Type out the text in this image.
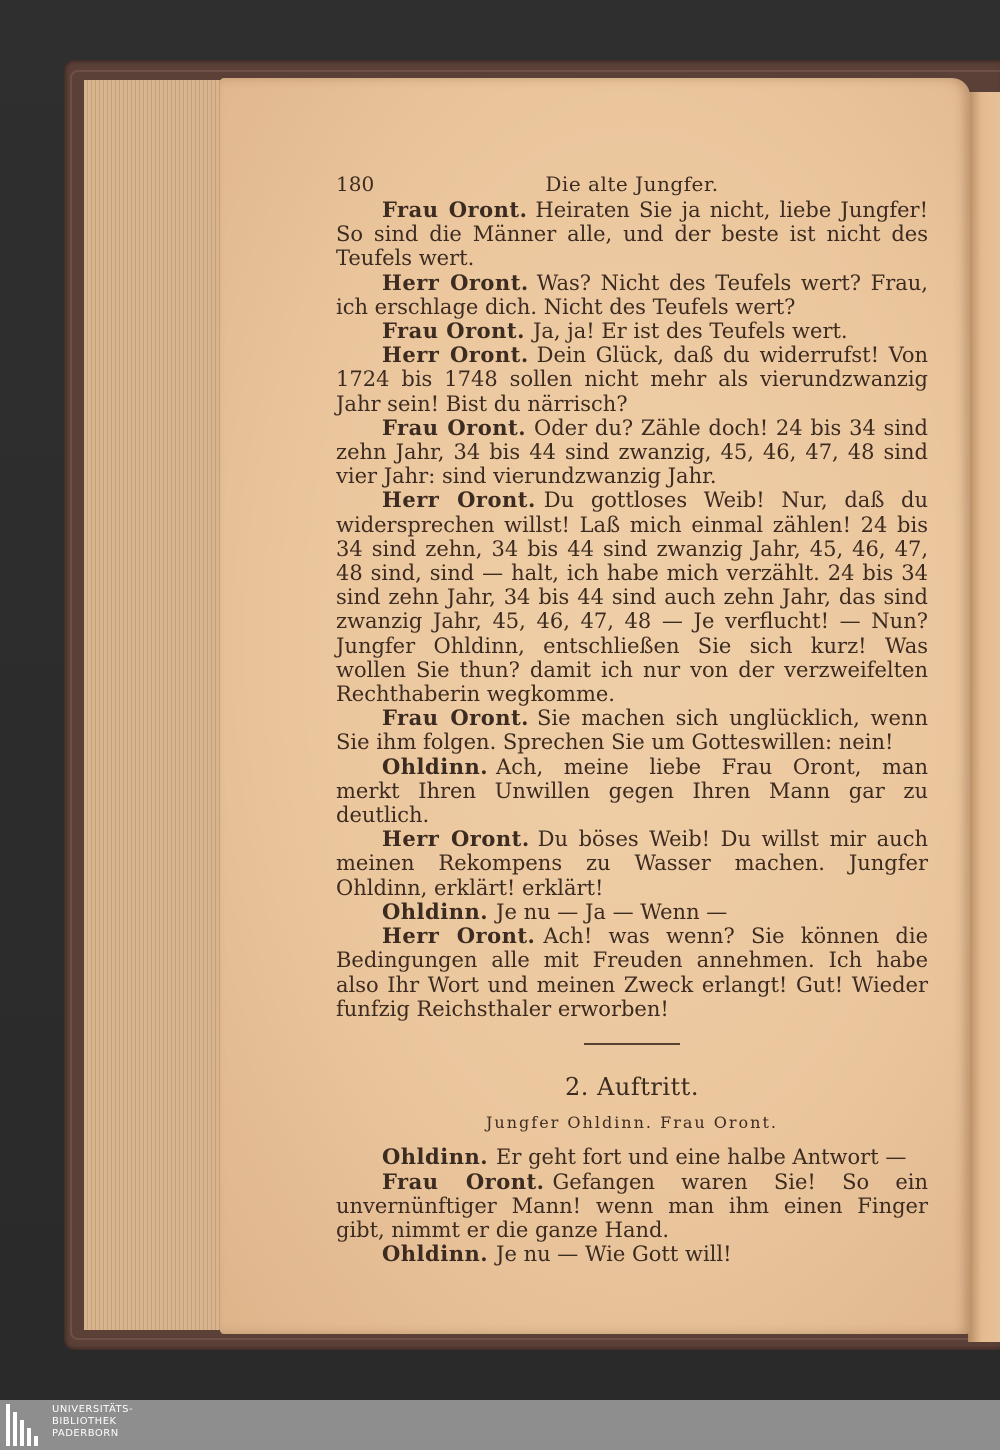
180	Die alte Jungfer.

Frau Oront. Heiraten Sie ja nicht, liebe Jungfer! So sind die Männer alle, und der beste ist nicht des Teufels wert.

Herr Oront. Was? Nicht des Teufels wert? Frau, ich erschlage dich. Nicht des Teufels wert?

Frau Oront. Ja, ja! Er ist des Teufels wert.

Herr Oront. Dein Glück, daß du widerrufst! Von 1724 bis 1748 sollen nicht mehr als vierundzwanzig Jahr sein! Bist du närrisch?

Frau Oront. Oder du? Zähle doch! 24 bis 34 sind zehn Jahr, 34 bis 44 sind zwanzig, 45, 46, 47, 48 sind vier Jahr: sind vierundzwanzig Jahr.

Herr Oront. Du gottloses Weib! Nur, daß du widersprechen willst! Laß mich einmal zählen! 24 bis 34 sind zehn, 34 bis 44 sind zwanzig Jahr, 45, 46, 47, 48 sind, sind — halt, ich habe mich verzählt. 24 bis 34 sind zehn Jahr, 34 bis 44 sind auch zehn Jahr, das sind zwanzig Jahr, 45, 46, 47, 48 — Je verflucht! — Nun? Jungfer Ohldinn, entschließen Sie sich kurz! Was wollen Sie thun? damit ich nur von der verzweifelten Rechthaberin wegkomme.

Frau Oront. Sie machen sich unglücklich, wenn Sie ihm folgen. Sprechen Sie um Gotteswillen: nein!

Ohldinn. Ach, meine liebe Frau Oront, man merkt Ihren Unwillen gegen Ihren Mann gar zu deutlich.

Herr Oront. Du böses Weib! Du willst mir auch meinen Rekompens zu Wasser machen. Jungfer Ohldinn, erklärt! erklärt!

Ohldinn. Je nu — Ja — Wenn —

Herr Oront. Ach! was wenn? Sie können die Bedingungen alle mit Freuden annehmen. Ich habe also Ihr Wort und meinen Zweck erlangt! Gut! Wieder funfzig Reichsthaler erworben!

2. Auftritt.
Jungfer Ohldinn. Frau Oront.

Ohldinn. Er geht fort und eine halbe Antwort —

Frau Oront. Gefangen waren Sie! So ein unvernünftiger Mann! wenn man ihm einen Finger gibt, nimmt er die ganze Hand.

Ohldinn. Je nu — Wie Gott will!

UNIVERSITÄTS-
BIBLIOTHEK
PADERBORN
